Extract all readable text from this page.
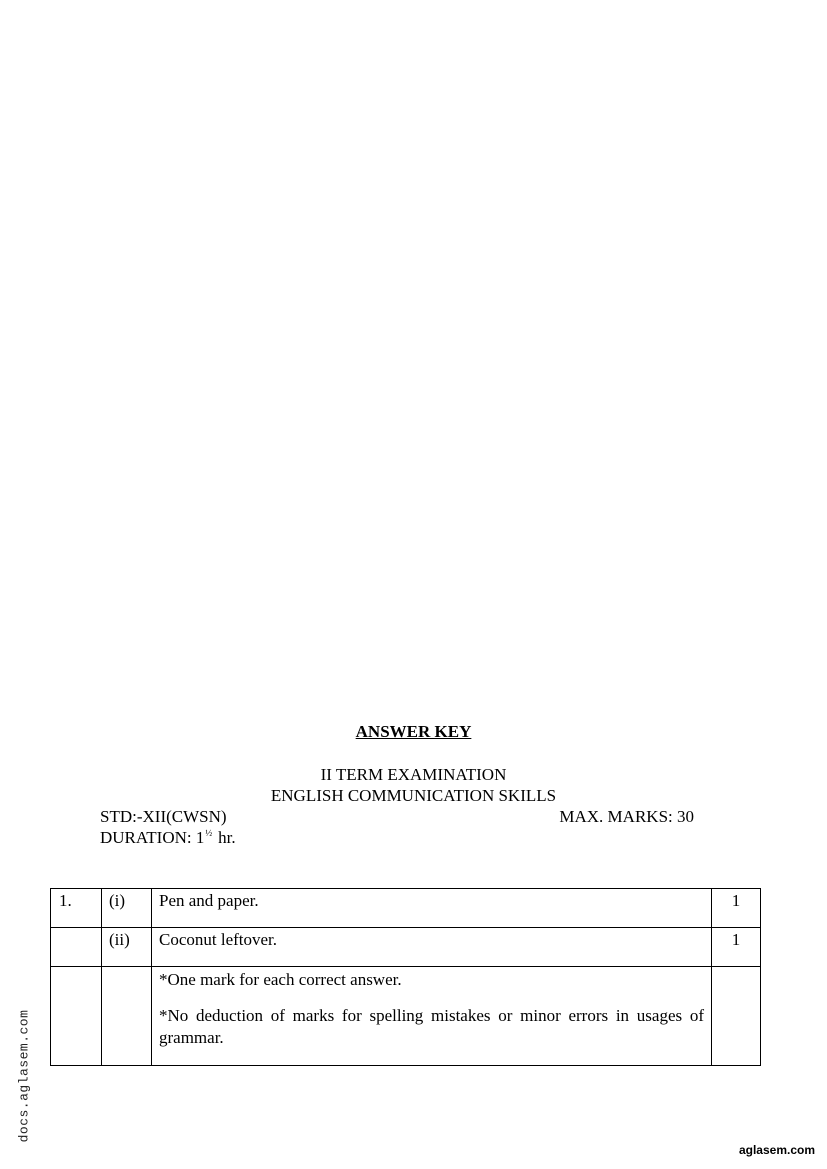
ANSWER KEY
II TERM EXAMINATION
ENGLISH COMMUNICATION SKILLS
STD:-XII(CWSN)	MAX. MARKS: 30
DURATION: $1^{\frac{1}{2}}$ hr.
1.	(i)	Pen and paper.	1
	(ii)	Coconut leftover.	1

		*One mark for each correct answer.

*No deduction of marks for spelling mistakes or minor errors in usages of grammar.	

docs.aglasem.com
aglasem.com
